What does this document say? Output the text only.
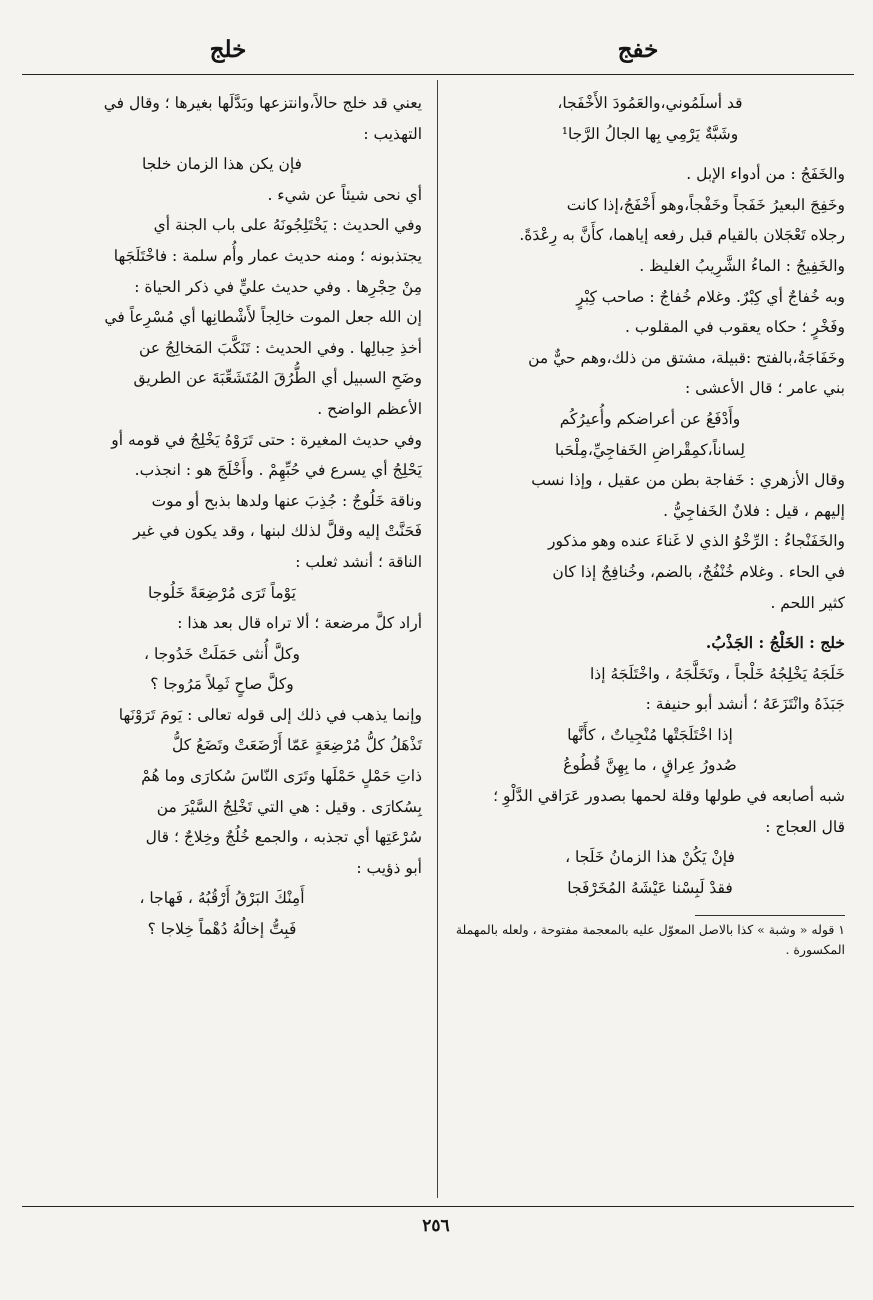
خفج
خلج

قد أسلَمُوني،والعَمُودَ الأَخْفَجا،

وشَبَّةٌ يَرْمِي بِها الجالُ الرَّجا¹

والخَفَجُ : من أدواء الإبل .

وخَفِجَ البعيرُ خَفَجاً وخَفْجاً،وهو أَخْفَجُ،إذا كانت

رجلاه تَعْجَلان بالقيام قبل رفعه إياهما، كأَنَّ به رِعْدَةً.

والخَفِيجُ : الماءُ الشَّرِيبُ الغليظ .

وبه خُفاجٌ أي كِبْرٌ. وغلام خُفاجٌ : صاحب كِبْرٍ

وفَخْرٍ ؛ حكاه يعقوب في المقلوب .

وخَفَاجَةُ،بالفتح :قبيلة، مشتق من ذلك،وهم حيٌّ من

بني عامر ؛ قال الأعشى :

وأَدْفَعُ عن أعراضكم وأُعيرُكُم

لِساناً،كمِقْراضِ الخَفاجِيِّ،مِلْحَبا

وقال الأزهري : خَفاجة بطن من عقيل ، وإذا نسب

إليهم ، قيل : فلانٌ الخَفاجِيُّ .

والخَفَنْجاءُ : الرِّخْوُ الذي لا غَناءَ عنده وهو مذكور

في الحاء . وغلام خُنْفُجٌ، بالضم، وخُنافِجٌ إذا كان

كثير اللحم .

خلج : الخَلْجُ : الجَذْبُ.

خَلَجَهُ يَخْلِجُهُ خَلْجاً ، وتَخَلَّجَهُ ، واخْتَلَجَهُ إذا

جَبَذَهُ وانْتَزَعَهُ ؛ أنشد أبو حنيفة :

إذا اخْتَلَجَتْها مُنْجِياتٌ ، كأَنَّها

صُدورُ عِراقٍ ، ما بِهِنَّ قُطُوعُ

شبه أصابعه في طولها وقلة لحمها بصدور عَرَاقي الدَّلْوِ ؛

قال العجاج :

فإنْ يَكُنْ هذا الزمانُ خَلَجا ،

فقدْ لَبِسْنا عَيْشَهُ المُخَرْفَجا

١ قوله « وشبة » كذا بالاصل المعوّل عليه بالمعجمة مفتوحة ، ولعله بالمهملة المكسورة .

يعني قد خلج حالاً،وانتزعها وبَدَّلَها بغيرها ؛ وقال في

التهذيب :

فإن يكن هذا الزمان خلجا

أي نحى شيئاً عن شيء .

وفي الحديث : يَخْتَلِجُونَهُ على باب الجنة أي

يجتذبونه ؛ ومنه حديث عمار وأُم سلمة : فاخْتَلَجَها

مِنْ حِجْرِها . وفي حديث عليٍّ في ذكر الحياة :

إن الله جعل الموت خالِجاً لأَشْطانِها أي مُسْرِعاً في

أخذِ حِبالِها . وفي الحديث : تَنَكَّبَ المَخالِجُ عن

وضَحِ السبيل أي الطُّرُقَ المُتَشَعِّبَةَ عن الطريق

الأعظم الواضح .

وفي حديث المغيرة : حتى تَرَوْهُ يَخْلِجُ في قومه أو

يَحْلِجُ أي يسرع في حُبِّهِمْ . وأَخْلَجَ هو : انجذب.

وناقة خَلُوجٌ : جُذِبَ عنها ولدها بذبح أو موت

فَحَنَّتْ إليه وقلَّ لذلك لبنها ، وقد يكون في غير

الناقة ؛ أنشد ثعلب :

يَوْماً تَرَى مُرْضِعَةً خَلُوجا

أراد كلَّ مرضعة ؛ ألا تراه قال بعد هذا :

وكلَّ أُنثى حَمَلَتْ خَدُوجا ،

وكلَّ صاحٍ ثَمِلاً مَرُوجا ؟

وإنما يذهب في ذلك إلى قوله تعالى : يَومَ تَرَوْنَها

تَذْهَلُ كلُّ مُرْضِعَةٍ عَمّا أَرْضَعَتْ وتَضَعُ كلُّ

ذاتِ حَمْلٍ حَمْلَها وتَرَى النّاسَ سُكارَى وما هُمْ

بِسُكارَى . وقيل : هي التي تَخْلِجُ السَّيْرَ من

سُرْعَتِها أي تجذبه ، والجمع خُلُجٌ وخِلاجٌ ؛ قال

أبو ذؤيب :

أَمِنْكَ البَرْقُ أَرْقُبُهُ ، فَهاجا ،

فَبِتُّ إخالُهُ دُهْماً خِلاجا ؟

٢٥٦
